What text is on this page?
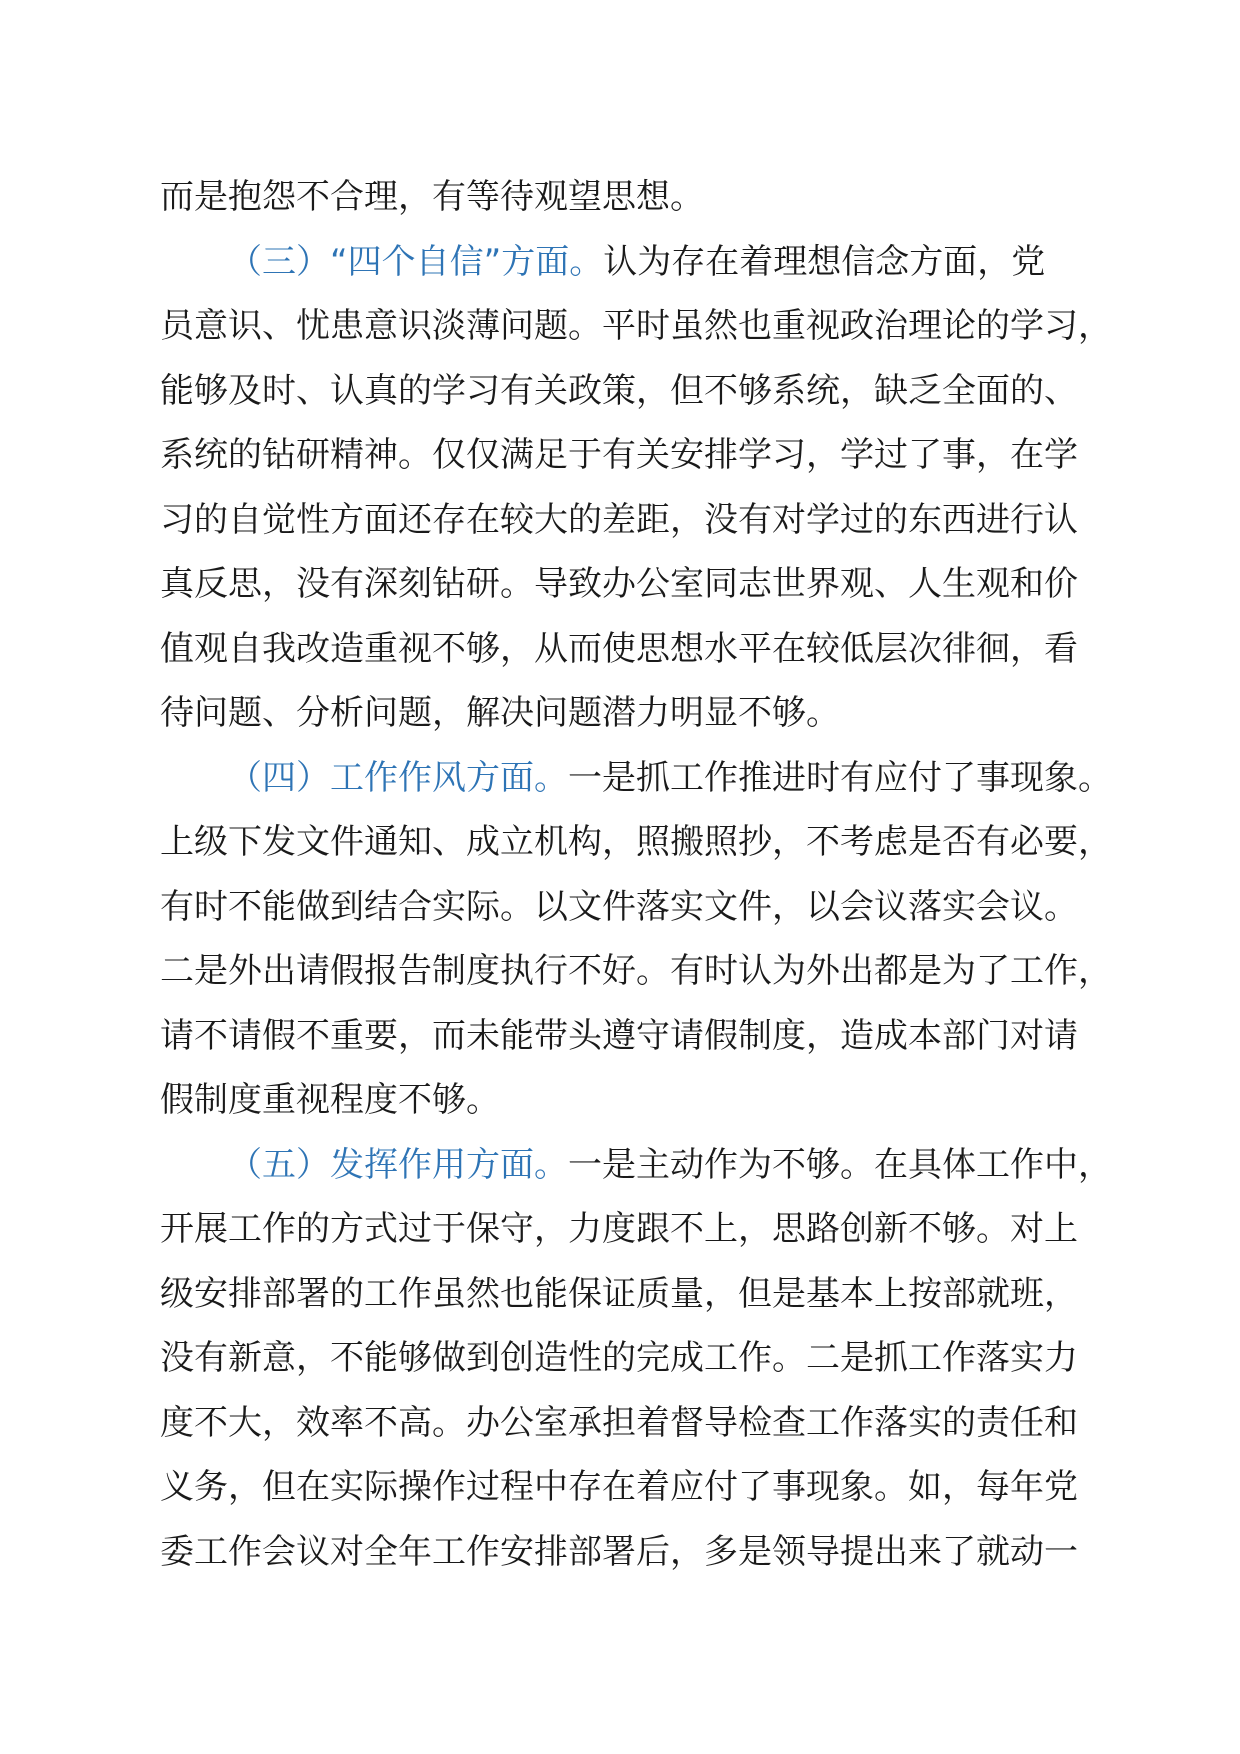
而是抱怨不合理，有等待观望思想。
（三）“四个自信”方面。认为存在着理想信念方面，党
员意识、忧患意识淡薄问题。平时虽然也重视政治理论的学习，
能够及时、认真的学习有关政策，但不够系统，缺乏全面的、
系统的钻研精神。仅仅满足于有关安排学习，学过了事，在学
习的自觉性方面还存在较大的差距，没有对学过的东西进行认
真反思，没有深刻钻研。导致办公室同志世界观、人生观和价
值观自我改造重视不够，从而使思想水平在较低层次徘徊，看
待问题、分析问题，解决问题潜力明显不够。
（四）工作作风方面。一是抓工作推进时有应付了事现象。
上级下发文件通知、成立机构，照搬照抄，不考虑是否有必要，
有时不能做到结合实际。以文件落实文件，以会议落实会议。
二是外出请假报告制度执行不好。有时认为外出都是为了工作，
请不请假不重要，而未能带头遵守请假制度，造成本部门对请
假制度重视程度不够。
（五）发挥作用方面。一是主动作为不够。在具体工作中，
开展工作的方式过于保守，力度跟不上，思路创新不够。对上
级安排部署的工作虽然也能保证质量，但是基本上按部就班，
没有新意，不能够做到创造性的完成工作。二是抓工作落实力
度不大，效率不高。办公室承担着督导检查工作落实的责任和
义务，但在实际操作过程中存在着应付了事现象。如，每年党
委工作会议对全年工作安排部署后，多是领导提出来了就动一
